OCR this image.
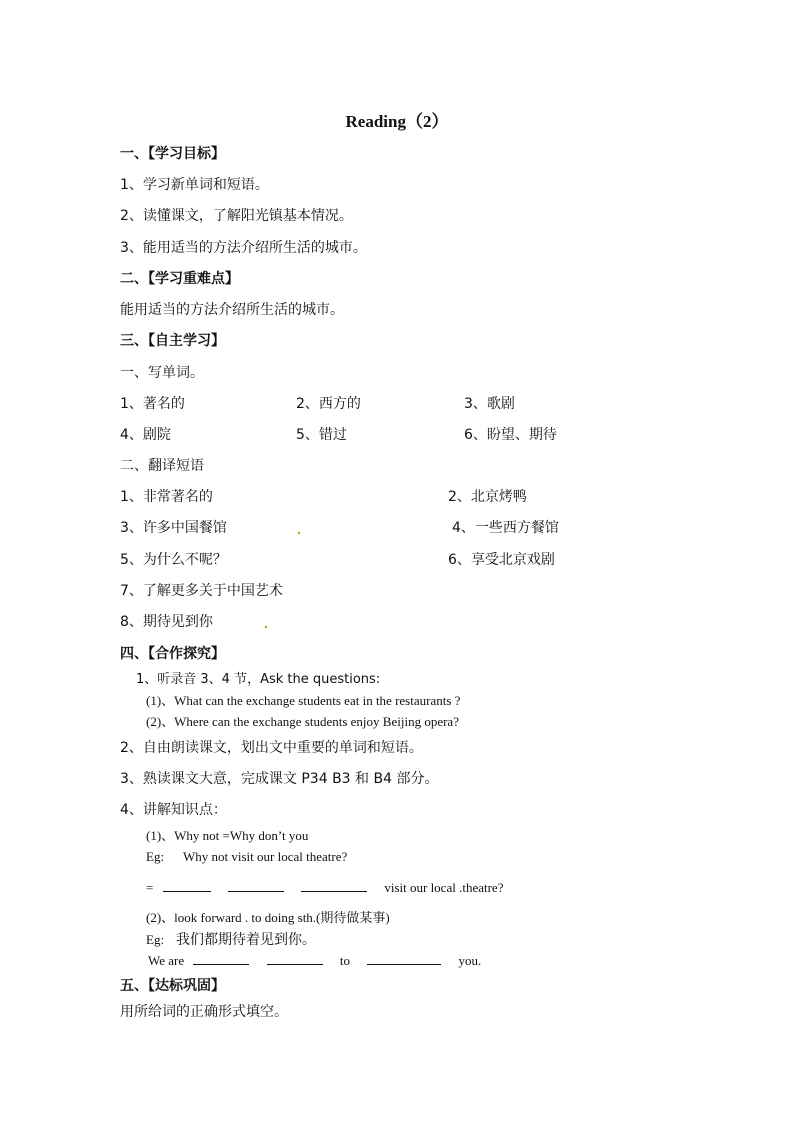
Reading（2）
一、【学习目标】
1、学习新单词和短语。
2、读懂课文，了解阳光镇基本情况。
3、能用适当的方法介绍所生活的城市。
二、【学习重难点】
能用适当的方法介绍所生活的城市。
三、【自主学习】
一、写单词。
1、著名的	2、西方的	3、歌剧
4、剧院	5、错过	6、盼望、期待
二、翻译短语
1、非常著名的	2、北京烤鸭
3、许多中国餐馆	4、一些西方餐馆
5、为什么不呢？	6、享受北京戏剧
7、了解更多关于中国艺术
8、期待见到你
四、【合作探究】
1、听录音 3、4 节，Ask the questions:
(1)、What can the exchange students eat in the restaurants ?
(2)、Where can the exchange students enjoy Beijing opera?
2、自由朗读课文，划出文中重要的单词和短语。
3、熟读课文大意，完成课文 P34 B3 和 B4 部分。
4、讲解知识点：
(1)、Why not =Why don’t you
Eg: Why not visit our local theatre?
=	visit our local .theatre?
(2)、look forward . to doing sth.(期待做某事)
Eg: 我们都期待着见到你。
We are	to	you.
五、【达标巩固】
用所给词的正确形式填空。
